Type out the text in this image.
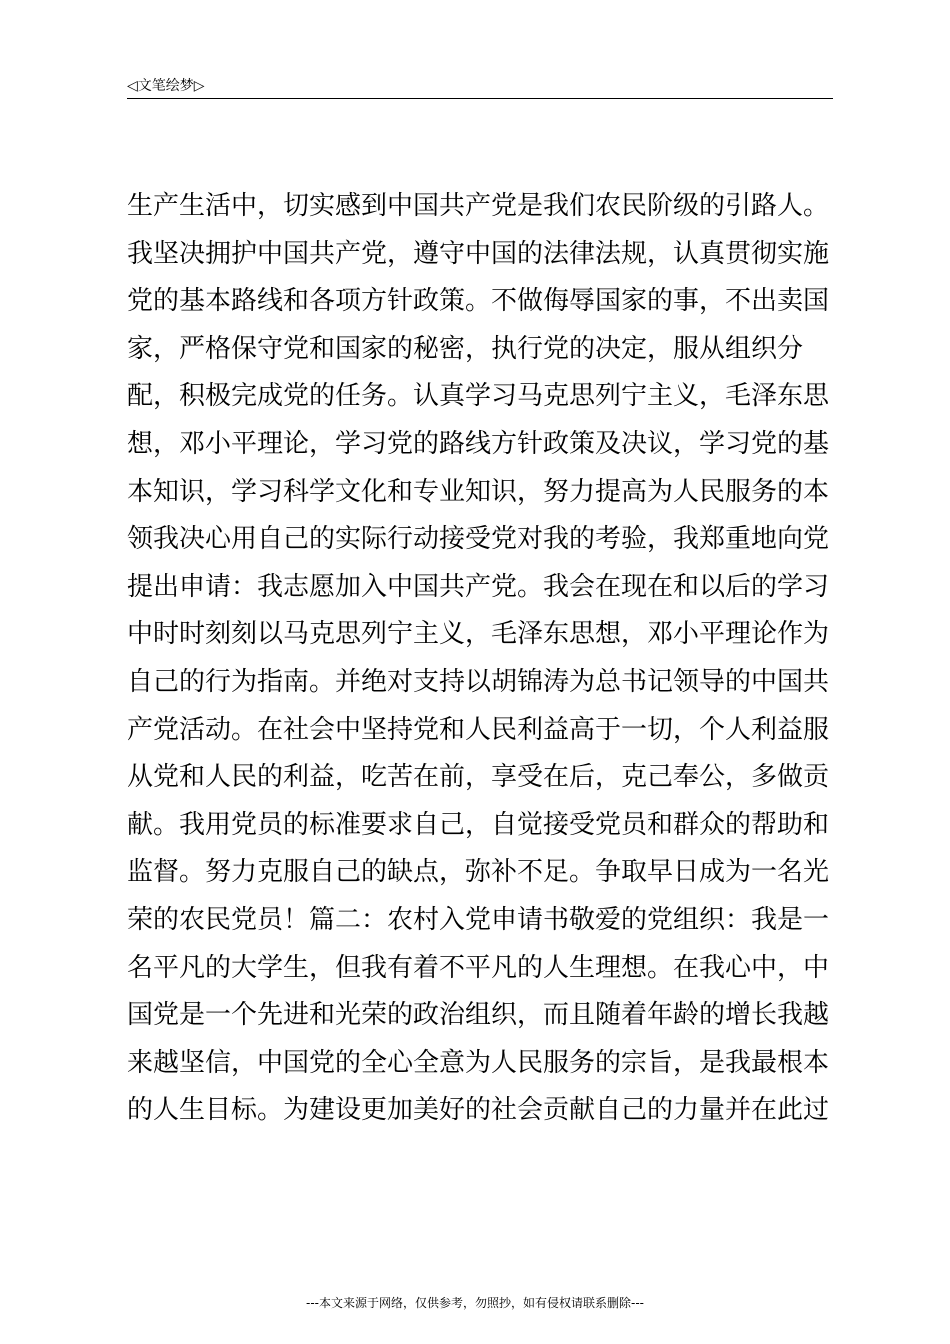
◁文笔绘梦▷
生产生活中，切实感到中国共产党是我们农民阶级的引路人。
我坚决拥护中国共产党，遵守中国的法律法规，认真贯彻实施
党的基本路线和各项方针政策。不做侮辱国家的事，不出卖国
家，严格保守党和国家的秘密，执行党的决定，服从组织分
配，积极完成党的任务。认真学习马克思列宁主义，毛泽东思
想，邓小平理论，学习党的路线方针政策及决议，学习党的基
本知识，学习科学文化和专业知识，努力提高为人民服务的本
领我决心用自己的实际行动接受党对我的考验，我郑重地向党
提出申请：我志愿加入中国共产党。我会在现在和以后的学习
中时时刻刻以马克思列宁主义，毛泽东思想，邓小平理论作为
自己的行为指南。并绝对支持以胡锦涛为总书记领导的中国共
产党活动。在社会中坚持党和人民利益高于一切，个人利益服
从党和人民的利益，吃苦在前，享受在后，克己奉公，多做贡
献。我用党员的标准要求自己，自觉接受党员和群众的帮助和
监督。努力克服自己的缺点，弥补不足。争取早日成为一名光
荣的农民党员！篇二：农村入党申请书敬爱的党组织：我是一
名平凡的大学生，但我有着不平凡的人生理想。在我心中，中
国党是一个先进和光荣的政治组织，而且随着年龄的增长我越
来越坚信，中国党的全心全意为人民服务的宗旨，是我最根本
的人生目标。为建设更加美好的社会贡献自己的力量并在此过
---本文来源于网络，仅供参考，勿照抄，如有侵权请联系删除---
